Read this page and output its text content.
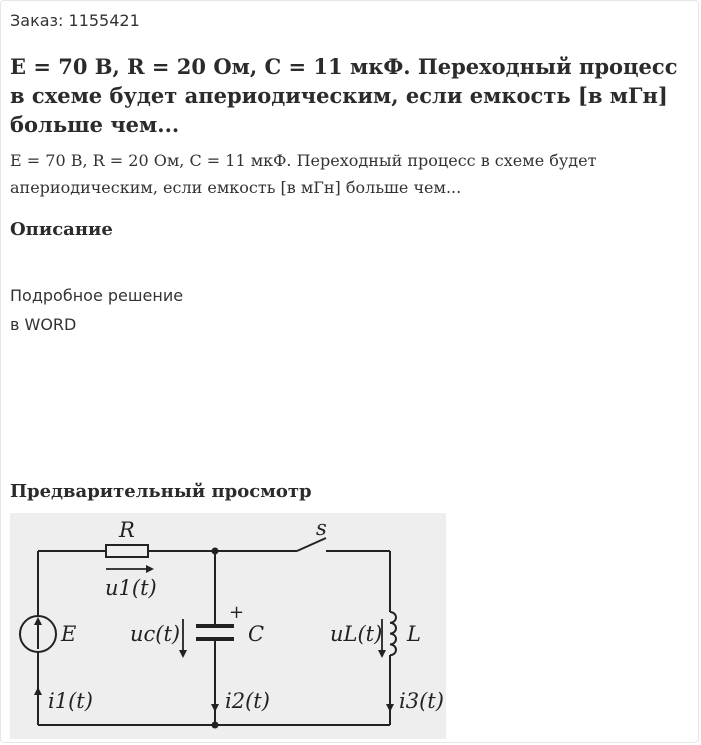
Заказ: 1155421
E = 70 В, R = 20 Ом, C = 11 мкФ. Переходный процесс в схеме будет апериодическим, если емкость [в мГн] больше чем...
E = 70 В, R = 20 Ом, C = 11 мкФ. Переходный процесс в схеме будет апериодическим, если емкость [в мГн] больше чем...
Описание
Подробное решение
в WORD
Предварительный просмотр
R
u1(t)
s
E
+
C
uc(t)	L
uL(t)
i1(t)	i2(t)	i3(t)
